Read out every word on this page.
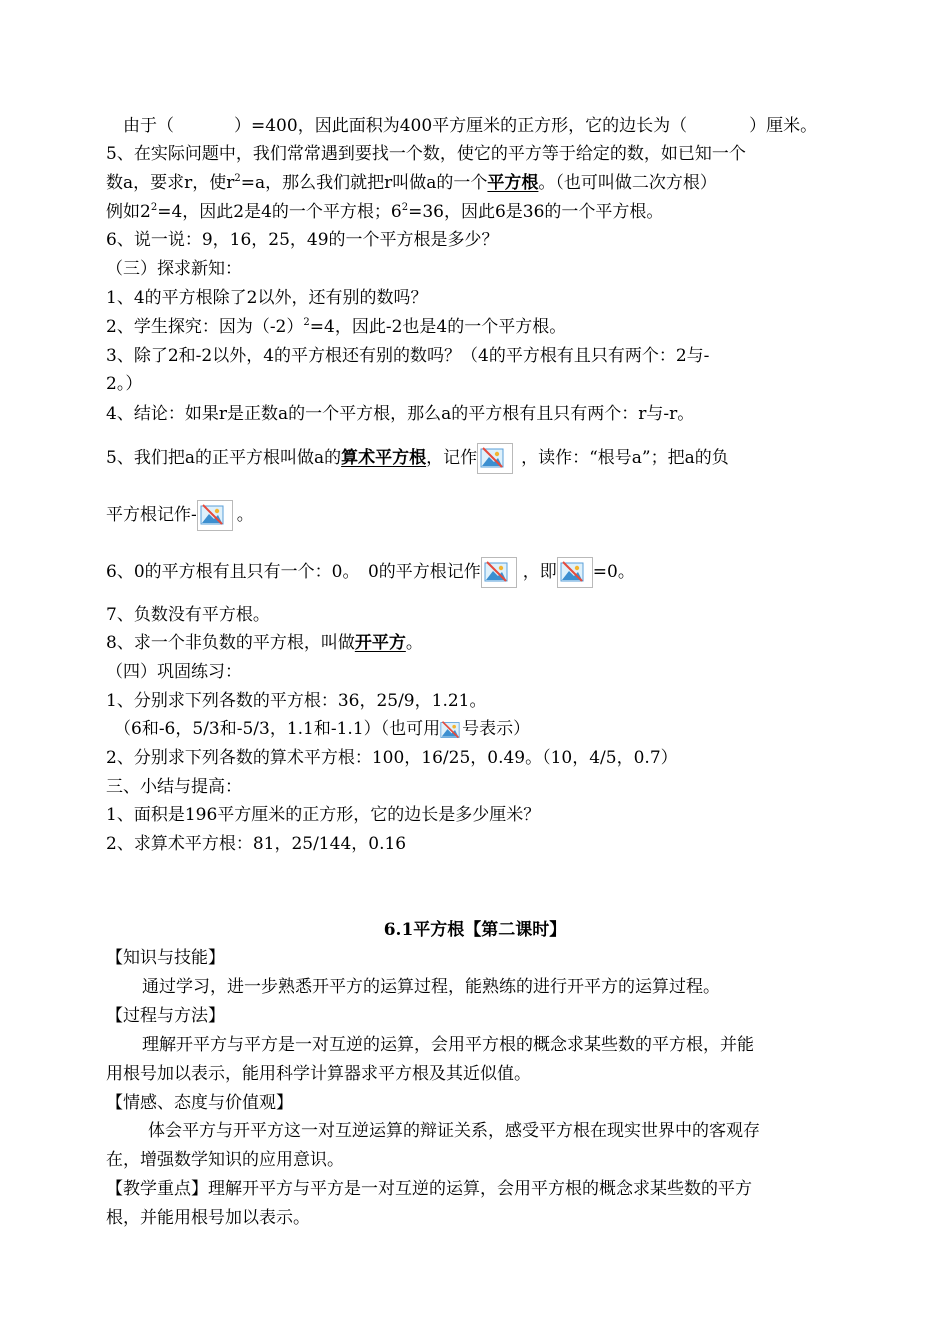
由于（	）=400，因此面积为400平方厘米的正方形，它的边长为（	）厘米。
5、在实际问题中，我们常常遇到要找一个数，使它的平方等于给定的数，如已知一个
数a，要求r，使$r^2=a$，那么我们就把r叫做a的一个平方根。（也可叫做二次方根）
例如$2^2=4$，因此2是4的一个平方根；$6^2=36$，因此6是36的一个平方根。
6、说一说：9，16，25，49的一个平方根是多少？
（三）探求新知：
1、4的平方根除了2以外，还有别的数吗？
2、学生探究：因为$(-2)^2=4$，因此-2也是4的一个平方根。
3、除了2和-2以外，4的平方根还有别的数吗？（4的平方根有且只有两个：2与-
2。）
4、结论：如果r是正数a的一个平方根，那么a的平方根有且只有两个：r与-r。
5、我们把a的正平方根叫做a的算术平方根，记作	，读作：“根号a”；把a的负
平方根记作- 。
6、0的平方根有且只有一个：0。　0的平方根记作 ，即 =0。
7、负数没有平方根。
8、求一个非负数的平方根，叫做开平方。
（四）巩固练习：
1、分别求下列各数的平方根：36，25/9，1.21。
（6和-6，5/3和-5/3，1.1和-1.1）（也可用 号表示）
2、分别求下列各数的算术平方根：100，16/25，0.49。（10，4/5，0.7）
三、小结与提高：
1、面积是196平方厘米的正方形，它的边长是多少厘米？
2、求算术平方根：81，25/144，0.16
6.1平方根【第二课时】
【知识与技能】
通过学习，进一步熟悉开平方的运算过程，能熟练的进行开平方的运算过程。
【过程与方法】
理解开平方与平方是一对互逆的运算，会用平方根的概念求某些数的平方根，并能
用根号加以表示，能用科学计算器求平方根及其近似值。
【情感、态度与价值观】
体会平方与开平方这一对互逆运算的辩证关系，感受平方根在现实世界中的客观存
在，增强数学知识的应用意识。
【教学重点】理解开平方与平方是一对互逆的运算，会用平方根的概念求某些数的平方
根，并能用根号加以表示。
